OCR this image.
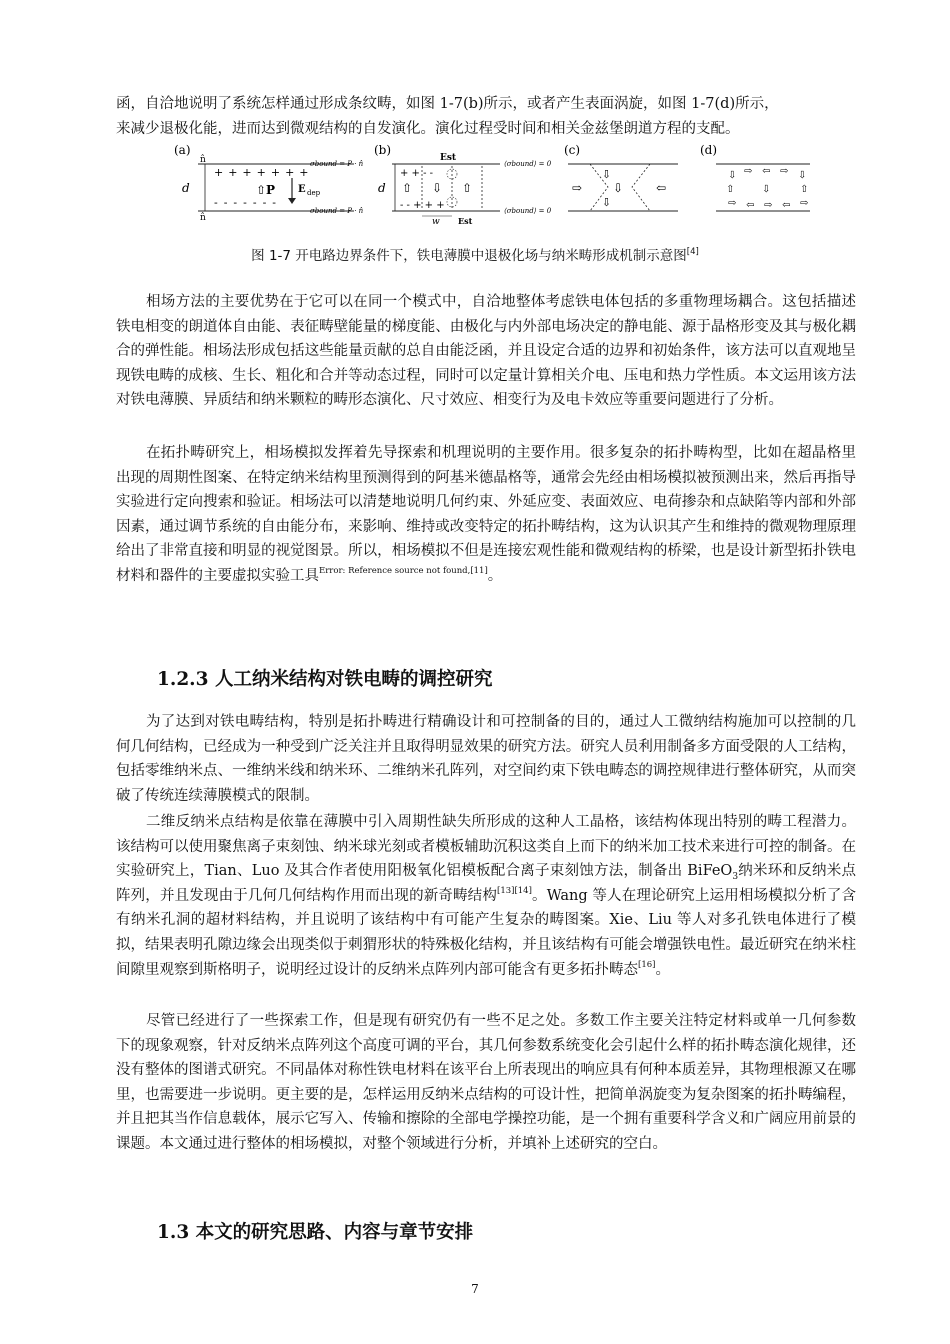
函，自洽地说明了系统怎样通过形成条纹畴，如图 1-7(b)所示，或者产生表面涡旋，如图 1-7(d)所示，
来减少退极化能，进而达到微观结构的自发演化。演化过程受时间和相关金兹堡朗道方程的支配。

(a)
n̂
d
n̂
+++++++
-------
⇧P E dep
σbound = P · n̂
σbound = P · n̂
(b)
Est
d
+ + - -
⇧ ⇩ ⇧
- - + + +
w Est
⟨σbound⟩ = 0
⟨σbound⟩ = 0
(c)
⇨
⇩
⇩
⇩
⇦
(d)
⇩ ⇨ ⇦ ⇨ ⇩
⇧	⇩	⇧
⇨ ⇦ ⇨ ⇦ ⇨
图 1-7 开电路边界条件下，铁电薄膜中退极化场与纳米畴形成机制示意图[4]

相场方法的主要优势在于它可以在同一个模式中，自洽地整体考虑铁电体包括的多重物理场耦合。这包括描述铁电相变的朗道体自由能、表征畴壁能量的梯度能、由极化与内外部电场决定的静电能、源于晶格形变及其与极化耦合的弹性能。相场法形成包括这些能量贡献的总自由能泛函，并且设定合适的边界和初始条件，该方法可以直观地呈现铁电畴的成核、生长、粗化和合并等动态过程，同时可以定量计算相关介电、压电和热力学性质。本文运用该方法对铁电薄膜、异质结和纳米颗粒的畴形态演化、尺寸效应、相变行为及电卡效应等重要问题进行了分析。

在拓扑畴研究上，相场模拟发挥着先导探索和机理说明的主要作用。很多复杂的拓扑畴构型，比如在超晶格里出现的周期性图案、在特定纳米结构里预测得到的阿基米德晶格等，通常会先经由相场模拟被预测出来，然后再指导实验进行定向搜索和验证。相场法可以清楚地说明几何约束、外延应变、表面效应、电荷掺杂和点缺陷等内部和外部因素，通过调节系统的自由能分布，来影响、维持或改变特定的拓扑畴结构，这为认识其产生和维持的微观物理原理给出了非常直接和明显的视觉图景。所以，相场模拟不但是连接宏观性能和微观结构的桥梁，也是设计新型拓扑铁电材料和器件的主要虚拟实验工具$^{Error: Reference source not found,[11]}$。

1.2.3 人工纳米结构对铁电畴的调控研究

为了达到对铁电畴结构，特别是拓扑畴进行精确设计和可控制备的目的，通过人工微纳结构施加可以控制的几何几何结构，已经成为一种受到广泛关注并且取得明显效果的研究方法。研究人员利用制备多方面受限的人工结构，包括零维纳米点、一维纳米线和纳米环、二维纳米孔阵列，对空间约束下铁电畴态的调控规律进行整体研究，从而突破了传统连续薄膜模式的限制。

二维反纳米点结构是依靠在薄膜中引入周期性缺失所形成的这种人工晶格，该结构体现出特别的畴工程潜力。该结构可以使用聚焦离子束刻蚀、纳米球光刻或者模板辅助沉积这类自上而下的纳米加工技术来进行可控的制备。在实验研究上，Tian、Luo 及其合作者使用阳极氧化铝模板配合离子束刻蚀方法，制备出 BiFeO$_3$纳米环和反纳米点阵列，并且发现由于几何几何结构作用而出现的新奇畴结构[13][14]。Wang 等人在理论研究上运用相场模拟分析了含有纳米孔洞的超材料结构，并且说明了该结构中有可能产生复杂的畴图案。Xie、Liu 等人对多孔铁电体进行了模拟，结果表明孔隙边缘会出现类似于刺猬形状的特殊极化结构，并且该结构有可能会增强铁电性。最近研究在纳米柱间隙里观察到斯格明子，说明经过设计的反纳米点阵列内部可能含有更多拓扑畴态[16]。

尽管已经进行了一些探索工作，但是现有研究仍有一些不足之处。多数工作主要关注特定材料或单一几何参数下的现象观察，针对反纳米点阵列这个高度可调的平台，其几何参数系统变化会引起什么样的拓扑畴态演化规律，还没有整体的图谱式研究。不同晶体对称性铁电材料在该平台上所表现出的响应具有何种本质差异，其物理根源又在哪里，也需要进一步说明。更主要的是，怎样运用反纳米点结构的可设计性，把简单涡旋变为复杂图案的拓扑畴编程，并且把其当作信息载体，展示它写入、传输和擦除的全部电学操控功能，是一个拥有重要科学含义和广阔应用前景的课题。本文通过进行整体的相场模拟，对整个领域进行分析，并填补上述研究的空白。

1.3 本文的研究思路、内容与章节安排
7
